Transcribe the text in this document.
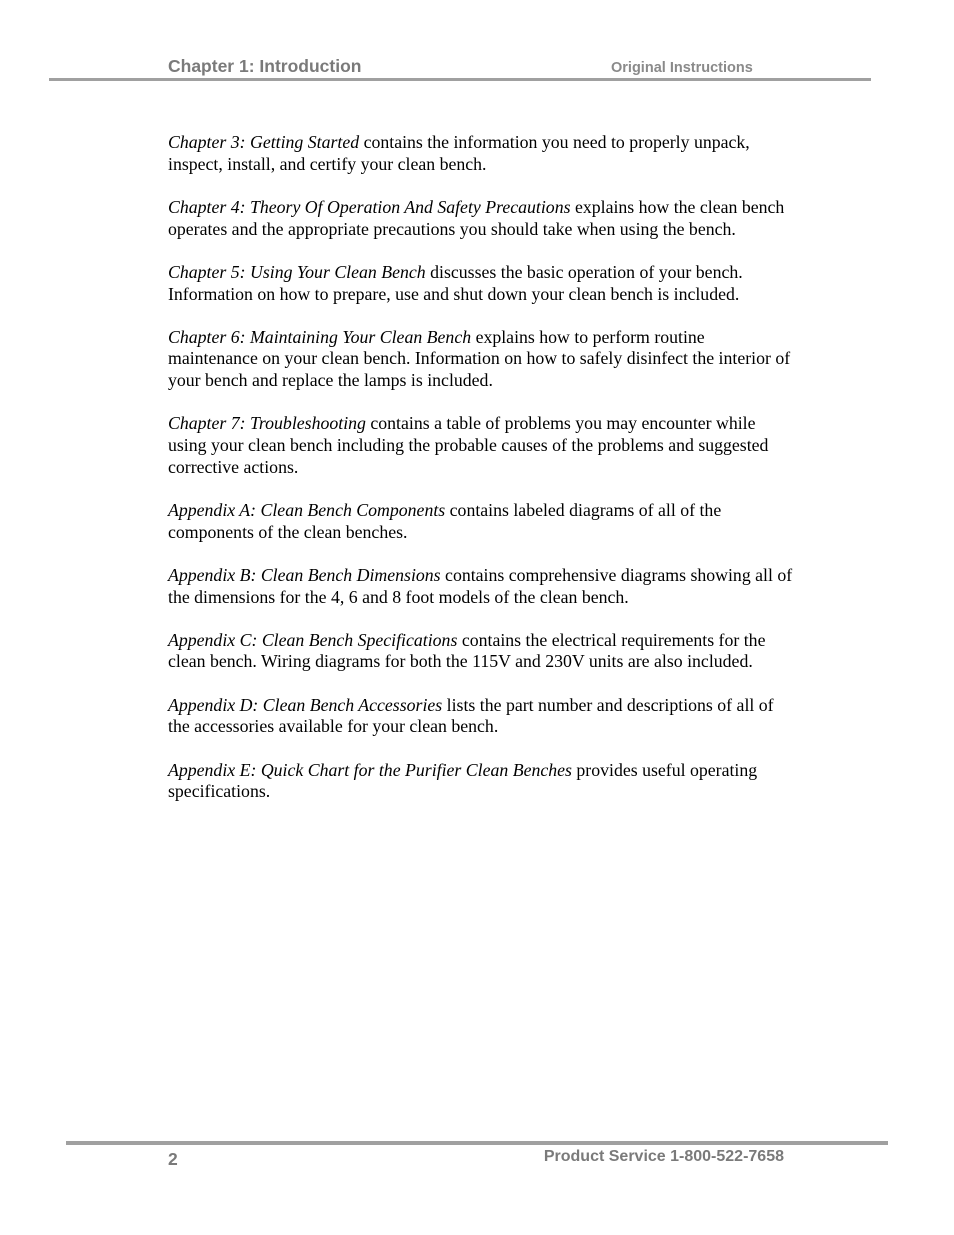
Chapter 1: Introduction	Original Instructions

Chapter 3: Getting Started contains the information you need to properly unpack, inspect, install, and certify your clean bench.

Chapter 4: Theory Of Operation And Safety Precautions explains how the clean bench operates and the appropriate precautions you should take when using the bench.

Chapter 5: Using Your Clean Bench discusses the basic operation of your bench. Information on how to prepare, use and shut down your clean bench is included.

Chapter 6: Maintaining Your Clean Bench explains how to perform routine maintenance on your clean bench. Information on how to safely disinfect the interior of your bench and replace the lamps is included.

Chapter 7: Troubleshooting contains a table of problems you may encounter while using your clean bench including the probable causes of the problems and suggested corrective actions.

Appendix A: Clean Bench Components contains labeled diagrams of all of the components of the clean benches.

Appendix B: Clean Bench Dimensions contains comprehensive diagrams showing all of the dimensions for the 4, 6 and 8 foot models of the clean bench.

Appendix C: Clean Bench Specifications contains the electrical requirements for the clean bench. Wiring diagrams for both the 115V and 230V units are also included.

Appendix D: Clean Bench Accessories lists the part number and descriptions of all of the accessories available for your clean bench.

Appendix E: Quick Chart for the Purifier Clean Benches provides useful operating specifications.

2	Product Service 1-800-522-7658
